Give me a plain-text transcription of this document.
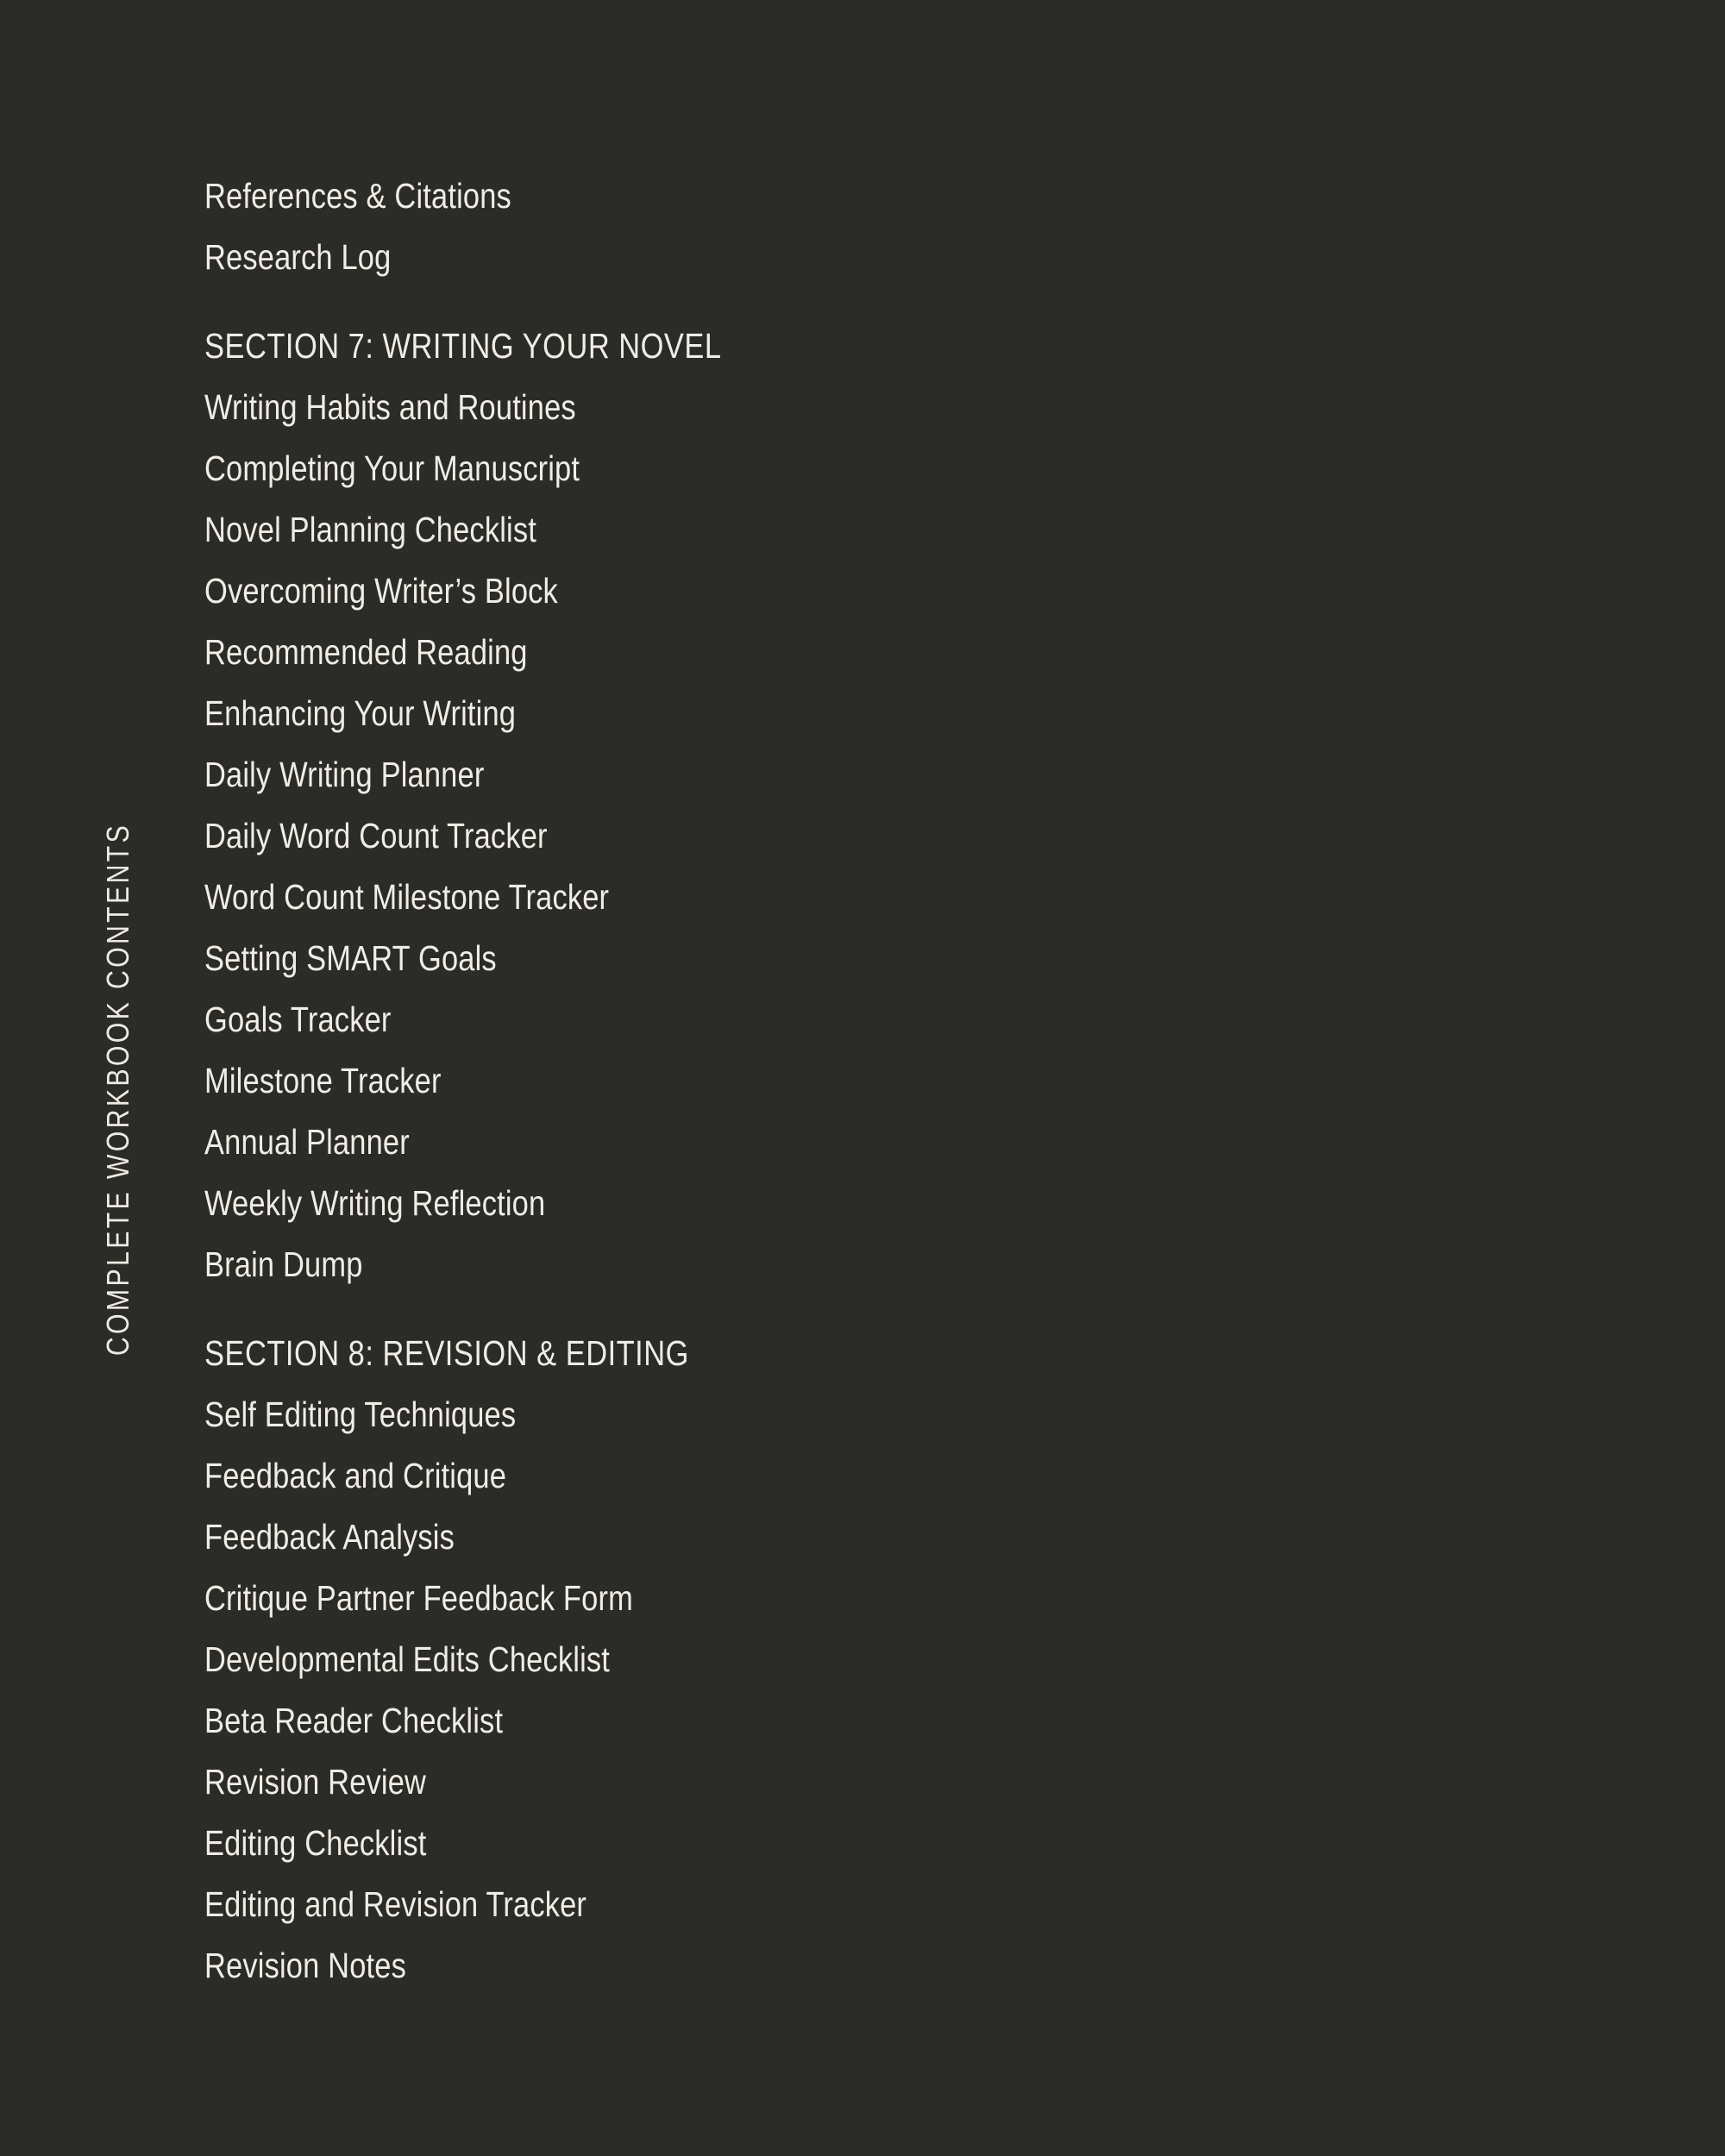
COMPLETE WORKBOOK CONTENTS
References & Citations
Research Log
SECTION 7: WRITING YOUR NOVEL
Writing Habits and Routines
Completing Your Manuscript
Novel Planning Checklist
Overcoming Writer’s Block
Recommended Reading
Enhancing Your Writing
Daily Writing Planner
Daily Word Count Tracker
Word Count Milestone Tracker
Setting SMART Goals
Goals Tracker
Milestone Tracker
Annual Planner
Weekly Writing Reflection
Brain Dump
SECTION 8: REVISION & EDITING
Self Editing Techniques
Feedback and Critique
Feedback Analysis
Critique Partner Feedback Form
Developmental Edits Checklist
Beta Reader Checklist
Revision Review
Editing Checklist
Editing and Revision Tracker
Revision Notes
